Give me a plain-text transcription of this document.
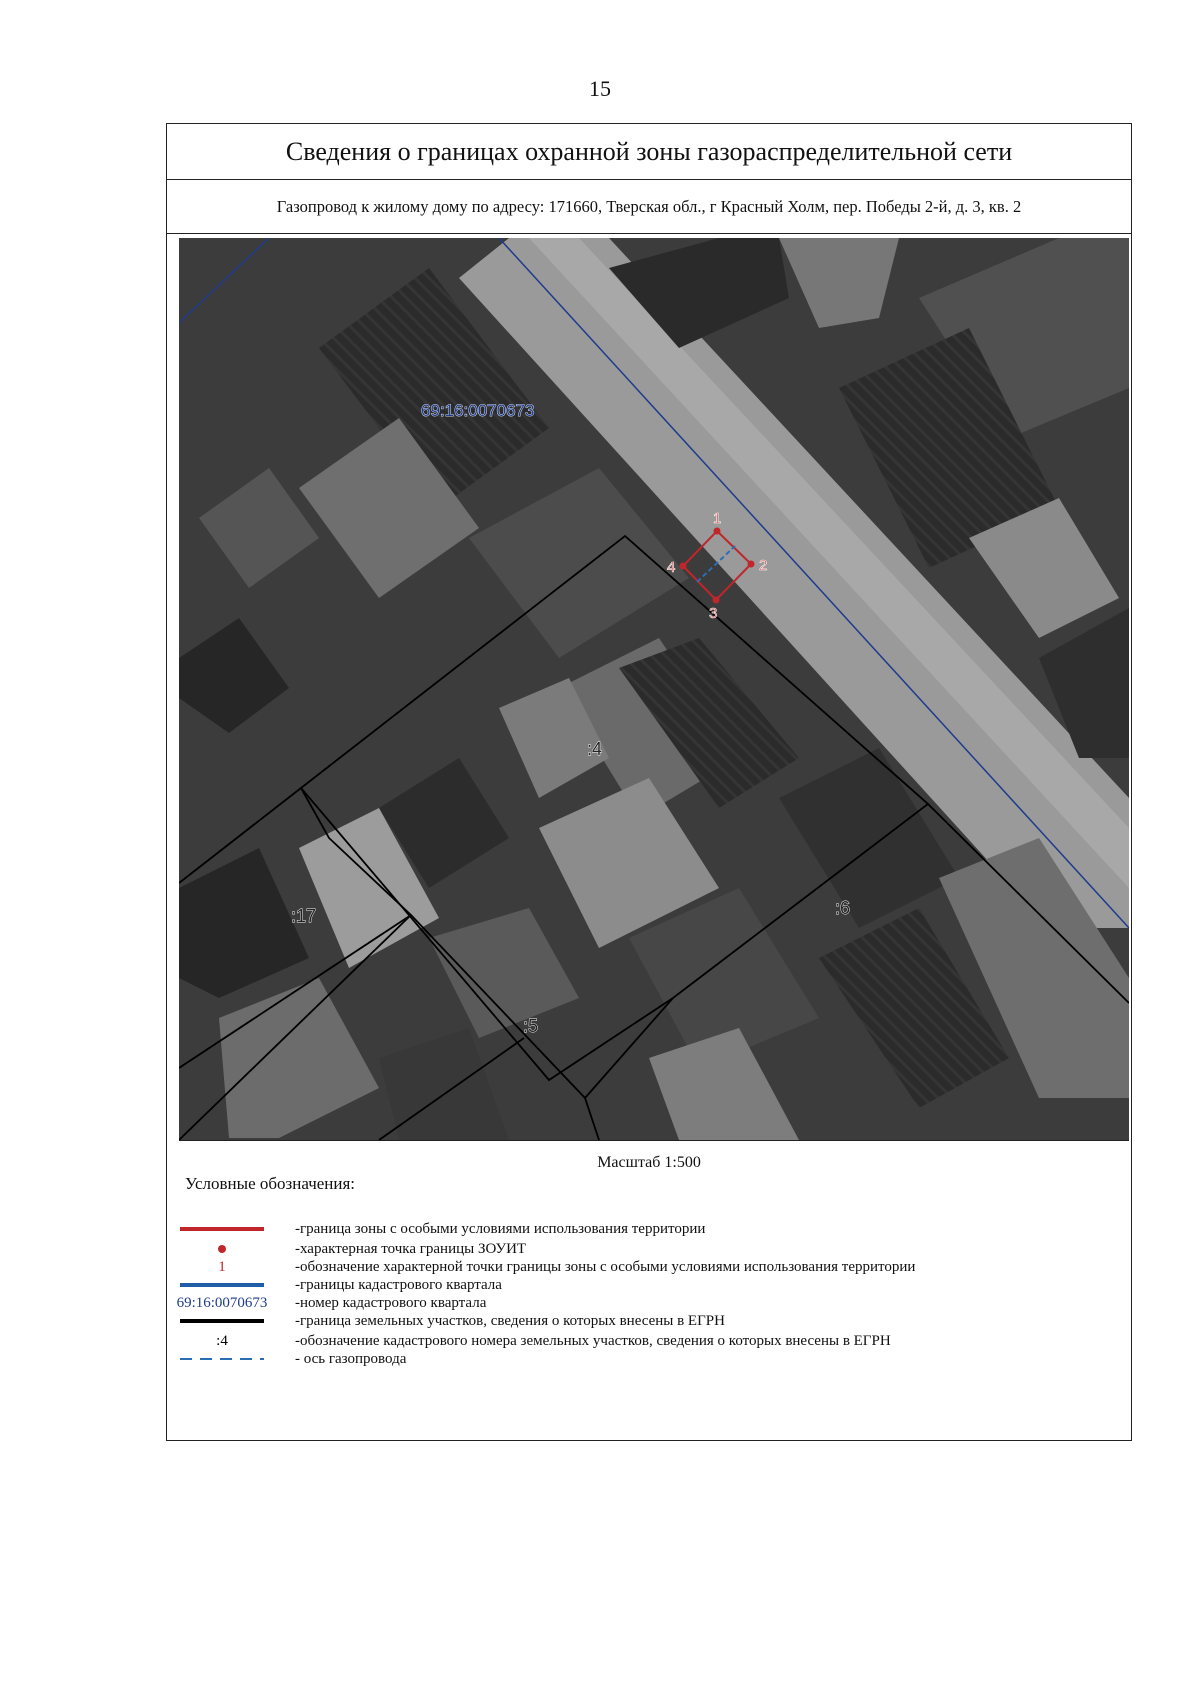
15
Сведения о границах охранной зоны газораспределительной сети
Газопровод к жилому дому по адресу: 171660, Тверская обл., г Красный Холм, пер. Победы 2-й, д. 3, кв. 2
1
2
3
4
69:16:0070673
:4
:6
:17
:5
Масштаб 1:500
Условные обозначения:
-граница зоны с особыми условиями использования территории
-характерная точка границы ЗОУИТ
1	-обозначение характерной точки границы зоны с особыми условиями использования территории
-границы кадастрового квартала
69:16:0070673 -номер кадастрового квартала
-граница земельных участков, сведения о которых внесены в ЕГРН
:4	-обозначение кадастрового номера земельных участков, сведения о которых внесены в ЕГРН
- ось газопровода
